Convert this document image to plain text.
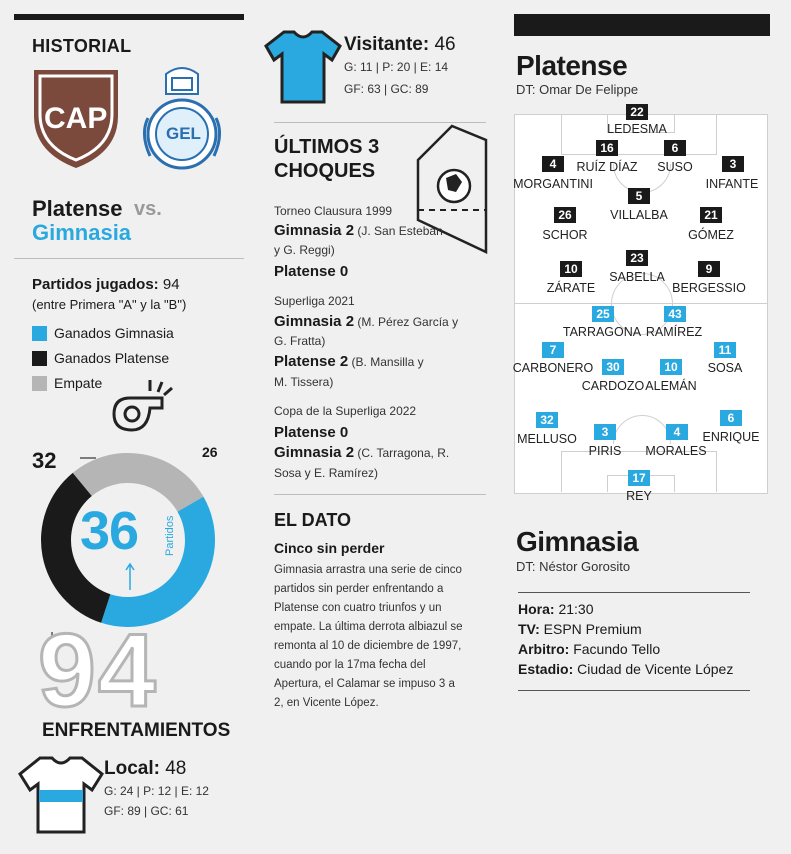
HISTORIAL
CAP	GEL
Platense vs.
Gimnasia
Partidos jugados: 94
(entre Primera "A" y la "B")
Ganados Gimnasia
Ganados Platense
Empate
32	26
36 Partidos
94
ENFRENTAMIENTOS
Local: 48
G: 24 | P: 12 | E: 12
GF: 89 | GC: 61
Visitante: 46
G: 11 | P: 20 | E: 14
GF: 63 | GC: 89
ÚLTIMOS 3
CHOQUES
Torneo Clausura 1999
Gimnasia 2 (J. San Esteban
y G. Reggi)
Platense 0
Superliga 2021
Gimnasia 2 (M. Pérez García y
G. Fratta)
Platense 2 (B. Mansilla y
M. Tissera)
Copa de la Superliga 2022
Platense 0
Gimnasia 2 (C. Tarragona, R.
Sosa y E. Ramírez)
EL DATO
Cinco sin perder
Gimnasia arrastra una serie de cinco
partidos sin perder enfrentando a
Platense con cuatro triunfos y un
empate. La última derrota albiazul se
remonta al 10 de diciembre de 1997,
cuando por la 17ma fecha del
Apertura, el Calamar se impuso 3 a
2, en Vicente López.
Platense
DT: Omar De Felippe
22
LEDESMA
16
RUÍZ DÍAZ
6
SUSO
4
MORGANTINI
3
INFANTE
5
VILLALBA
26
SCHOR
21
GÓMEZ
23
SABELLA
10
ZÁRATE
9
BERGESSIO
25
TARRAGONA
43
RAMÍREZ
7
CARBONERO	30
CARDOZO
10
ALEMÁN
11
SOSA
32
MELLUSO	3
PIRIS
4
MORALES
6
ENRIQUE
17
REY
Gimnasia
DT: Néstor Gorosito
Hora: 21:30
TV: ESPN Premium
Arbitro: Facundo Tello
Estadio: Ciudad de Vicente López
